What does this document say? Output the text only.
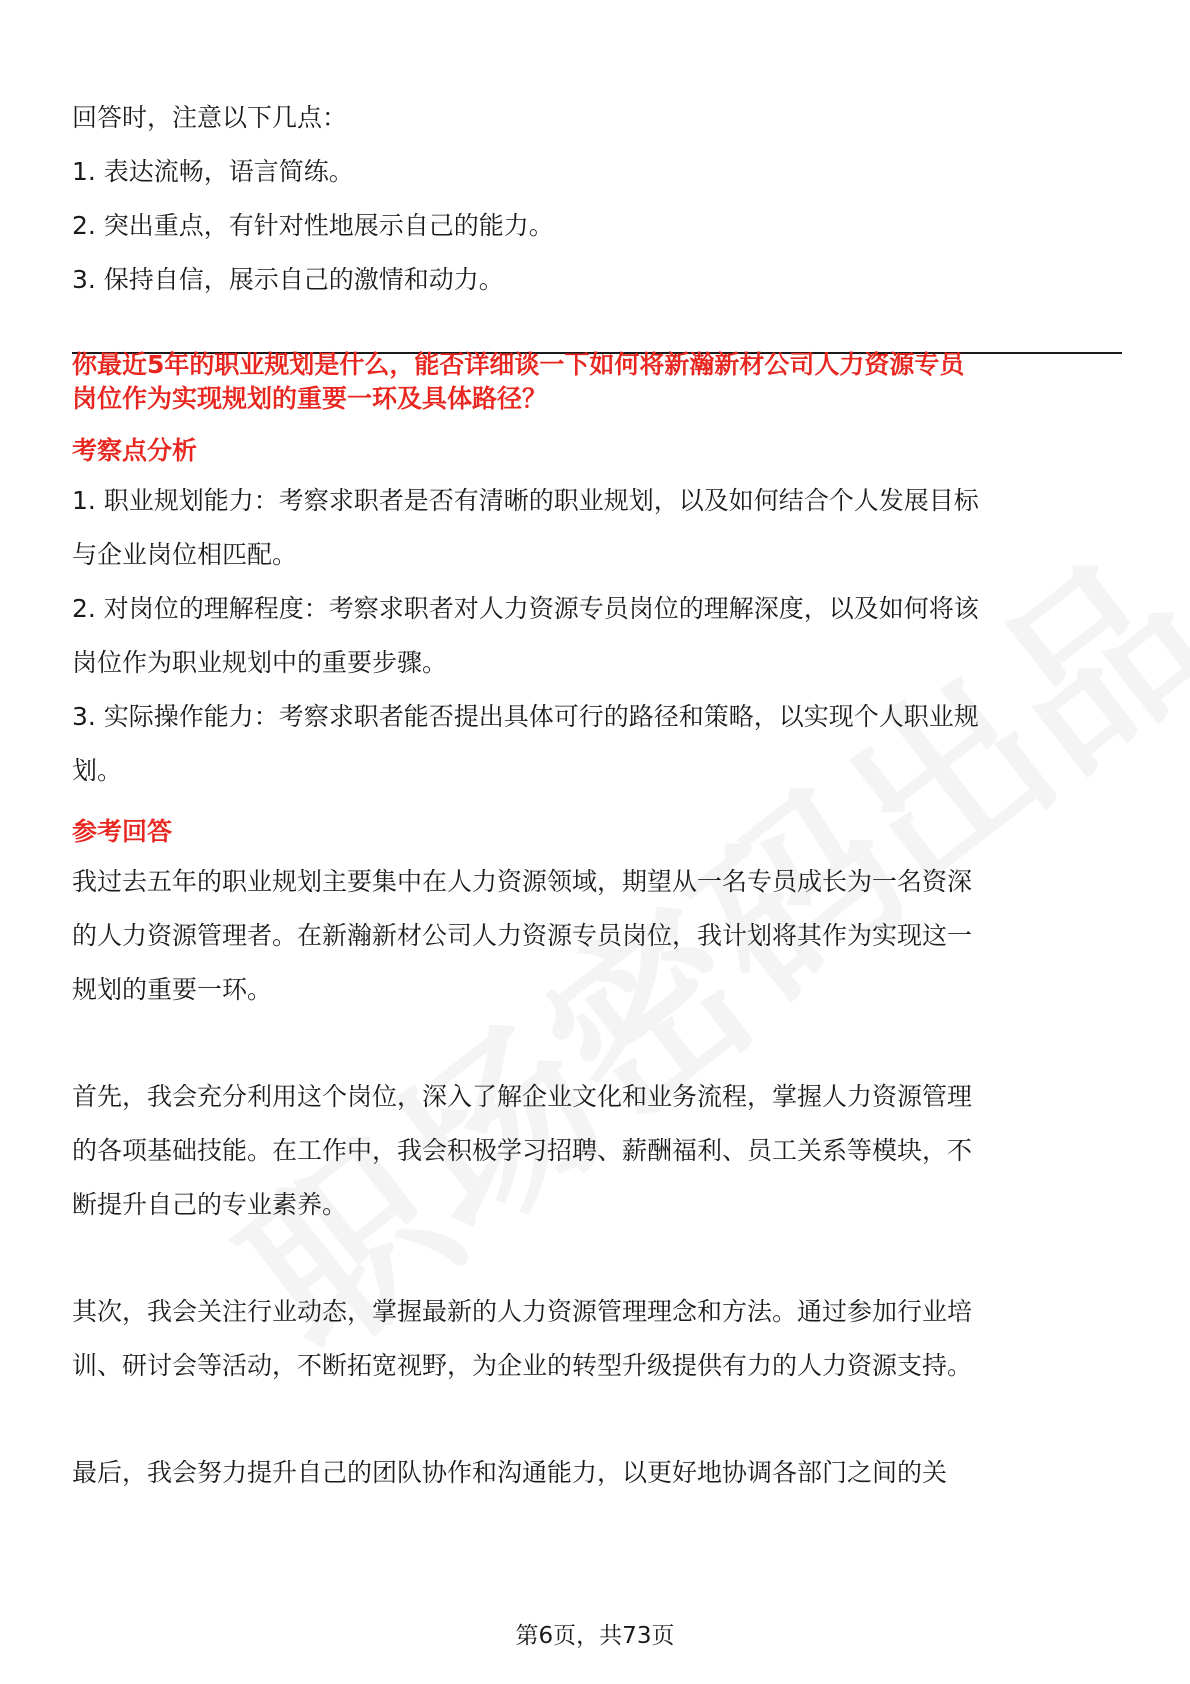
回答时，注意以下几点：
1. 表达流畅，语言简练。
2. 突出重点，有针对性地展示自己的能力。
3. 保持自信，展示自己的激情和动力。
你最近5年的职业规划是什么，能否详细谈一下如何将新瀚新材公司人力资源专员
岗位作为实现规划的重要一环及具体路径？
考察点分析
1. 职业规划能力：考察求职者是否有清晰的职业规划，以及如何结合个人发展目标
与企业岗位相匹配。
2. 对岗位的理解程度：考察求职者对人力资源专员岗位的理解深度，以及如何将该
岗位作为职业规划中的重要步骤。
3. 实际操作能力：考察求职者能否提出具体可行的路径和策略，以实现个人职业规
划。
参考回答
我过去五年的职业规划主要集中在人力资源领域，期望从一名专员成长为一名资深
的人力资源管理者。在新瀚新材公司人力资源专员岗位，我计划将其作为实现这一
规划的重要一环。
首先，我会充分利用这个岗位，深入了解企业文化和业务流程，掌握人力资源管理
的各项基础技能。在工作中，我会积极学习招聘、薪酬福利、员工关系等模块，不
断提升自己的专业素养。
其次，我会关注行业动态，掌握最新的人力资源管理理念和方法。通过参加行业培
训、研讨会等活动，不断拓宽视野，为企业的转型升级提供有力的人力资源支持。
最后，我会努力提升自己的团队协作和沟通能力，以更好地协调各部门之间的关
第6页，共73页
